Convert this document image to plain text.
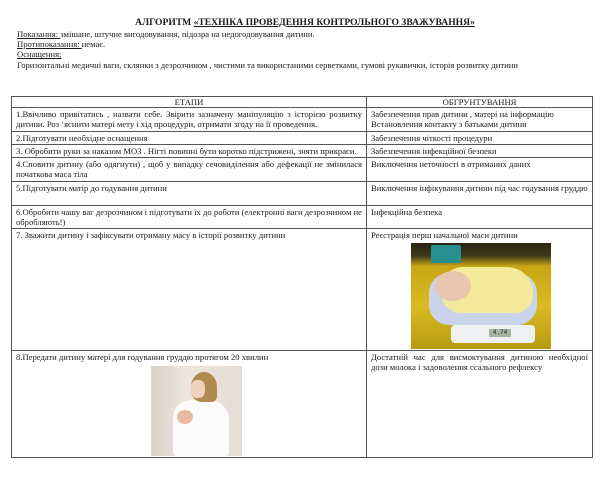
АЛГОРИТМ «ТЕХНІКА ПРОВЕДЕННЯ КОНТРОЛЬНОГО ЗВАЖУВАННЯ»
Показання: змішане, штучне вигодовування, підозра на недогодовування дитини.
Протипоказання: немає.
Оснащення:
Горизонтальні медичні ваги, склянки з дезрозчином , чистими та використаними серветками, гумові рукавички, історія розвитку дитини
ЕТАПИ	ОБГРУНТУВАННЯ
1.Ввічливо привітатись , назвати себе. Звірити зазначену маніпуляцію з історією розвитку дитини. Роз ‘яснити матері мету і хід процедури, отримати згоду на її проведення.	Забезпечення прав дитини , матері на інформацію
Встановлення контакту з батьками дитини

2.Підготувати необхідне оснащення	Забезпечення чіткості процедури
3. Обробити руки за наказом МОЗ . Нігті повинні бути коротко підстрижені, зняти прикраси.	Забезпечення інфекційної безпеки
4.Сповити дитину (або одягнути) , щоб у випадку сечовиділення або дефекації не змінилася початкова маса тіла	Виключення неточності в отриманих даних
5.Підготувати матір до годування дитини	Виключення інфікування дитини під час годування груддю
6.Обробити чашу ваг дезрозчином і підготувати їх до роботи (електронні ваги дезрозчином не обробляють!)	Інфекційна безпека
7. Зважити дитину і зафіксувати отриману масу в історії розвитку дитини	Реєстрація перш начальної маси дитини
4.74

8.Передати дитину матері для годування груддю протягом 20 хвилин	Достатній час для висмоктування дитиною необхідної дози молока і задоволення ссального рефлексу
